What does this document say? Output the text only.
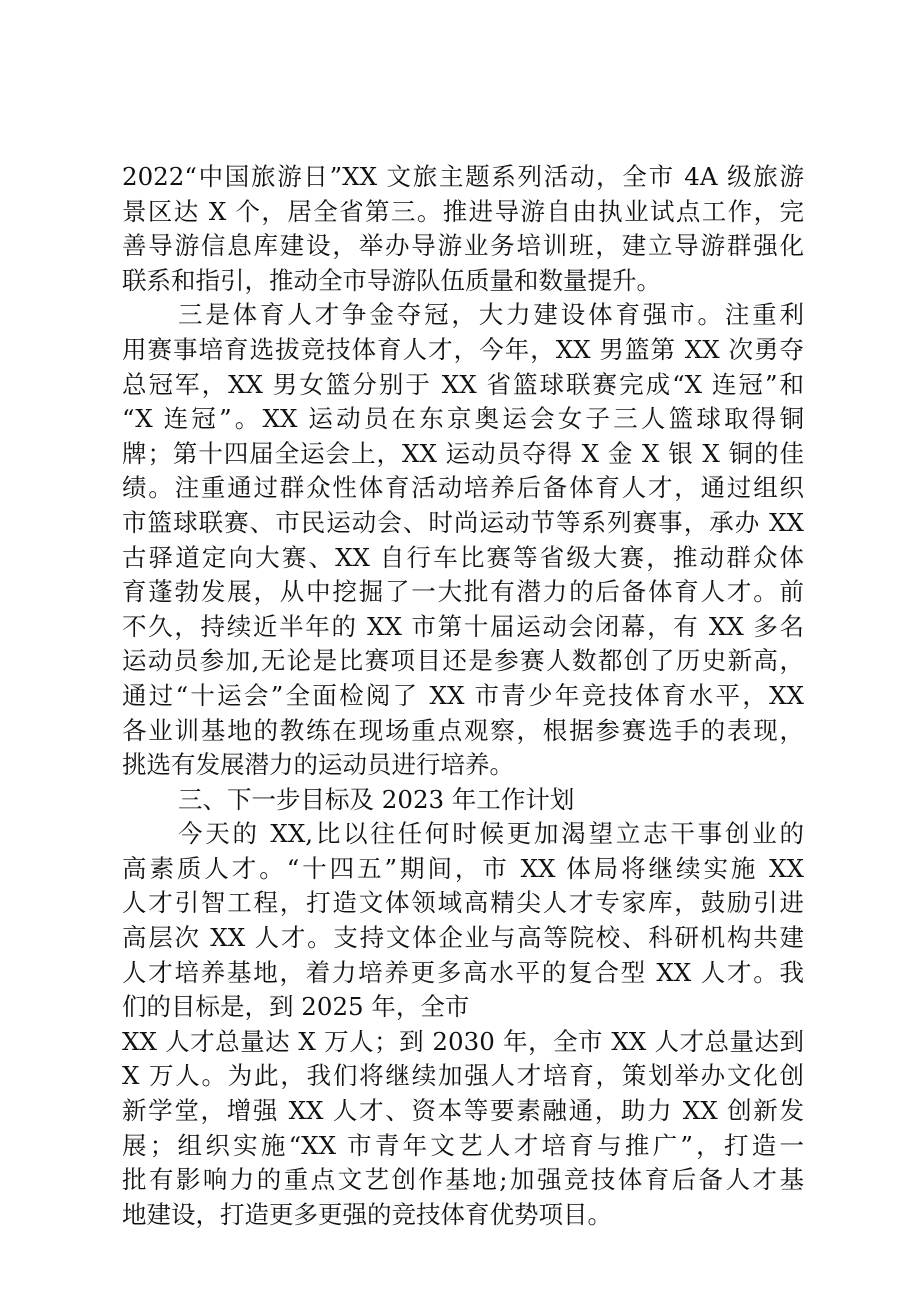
2022“中国旅游日”XX 文旅主题系列活动，全市 4A 级旅游
景区达 X 个，居全省第三。推进导游自由执业试点工作，完
善导游信息库建设，举办导游业务培训班，建立导游群强化
联系和指引，推动全市导游队伍质量和数量提升。
三是体育人才争金夺冠，大力建设体育强市。注重利
用赛事培育选拔竞技体育人才，今年，XX 男篮第 XX 次勇夺
总冠军，XX 男女篮分别于 XX 省篮球联赛完成“X 连冠”和
“X 连冠”。XX 运动员在东京奥运会女子三人篮球取得铜
牌；第十四届全运会上，XX 运动员夺得 X 金 X 银 X 铜的佳
绩。注重通过群众性体育活动培养后备体育人才，通过组织
市篮球联赛、市民运动会、时尚运动节等系列赛事，承办 XX
古驿道定向大赛、XX 自行车比赛等省级大赛，推动群众体
育蓬勃发展，从中挖掘了一大批有潜力的后备体育人才。前
不久，持续近半年的 XX 市第十届运动会闭幕，有 XX 多名
运动员参加,无论是比赛项目还是参赛人数都创了历史新高，
通过“十运会”全面检阅了 XX 市青少年竞技体育水平，XX
各业训基地的教练在现场重点观察，根据参赛选手的表现，
挑选有发展潜力的运动员进行培养。
三、下一步目标及 2023 年工作计划
今天的 XX,比以往任何时候更加渴望立志干事创业的
高素质人才。“十四五”期间，市 XX 体局将继续实施 XX
人才引智工程，打造文体领域高精尖人才专家库，鼓励引进
高层次 XX 人才。支持文体企业与高等院校、科研机构共建
人才培养基地，着力培养更多高水平的复合型 XX 人才。我
们的目标是，到 2025 年，全市
XX 人才总量达 X 万人；到 2030 年，全市 XX 人才总量达到
X 万人。为此，我们将继续加强人才培育，策划举办文化创
新学堂，增强 XX 人才、资本等要素融通，助力 XX 创新发
展；组织实施“XX 市青年文艺人才培育与推广”，打造一
批有影响力的重点文艺创作基地;加强竞技体育后备人才基
地建设，打造更多更强的竞技体育优势项目。
